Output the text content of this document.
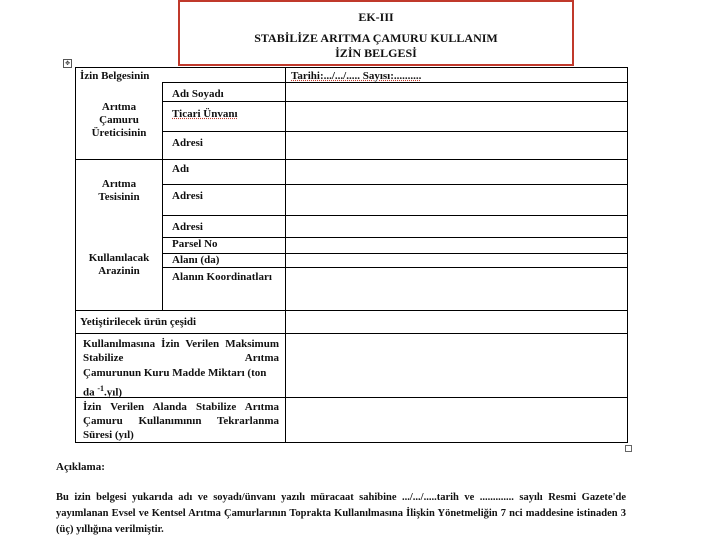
EK-III
STABİLİZE ARITMA ÇAMURU KULLANIM
İZİN BELGESİ
✥
İzin Belgesinin	Tarihi:.../.../..... Sayısı:..........
Arıtma Çamuru Üreticisinin
Adı Soyadı
Ticari Ünvanı
Adresi
Arıtma Tesisinin
Adı
Adresi
Kullanılacak Arazinin
Adresi
Parsel No
Alanı (da)
Alanın Koordinatları
Yetiştirilecek ürün çeşidi
Kullanılmasına İzin Verilen Maksimum Stabilize Arıtma
Çamurunun Kuru Madde Miktarı (ton
da $^{-1}$.yıl)
İzin Verilen Alanda Stabilize Arıtma
Çamuru Kullanımının Tekrarlanma
Süresi (yıl)
Açıklama:
Bu izin belgesi yukarıda adı ve soyadı/ünvanı yazılı müracaat sahibine .../.../.....tarih ve ............. sayılı Resmi Gazete'de yayımlanan Evsel ve Kentsel Arıtma Çamurlarının Toprakta Kullanılmasına İlişkin Yönetmeliğin 7 nci maddesine istinaden 3 (üç) yıllığına verilmiştir.
